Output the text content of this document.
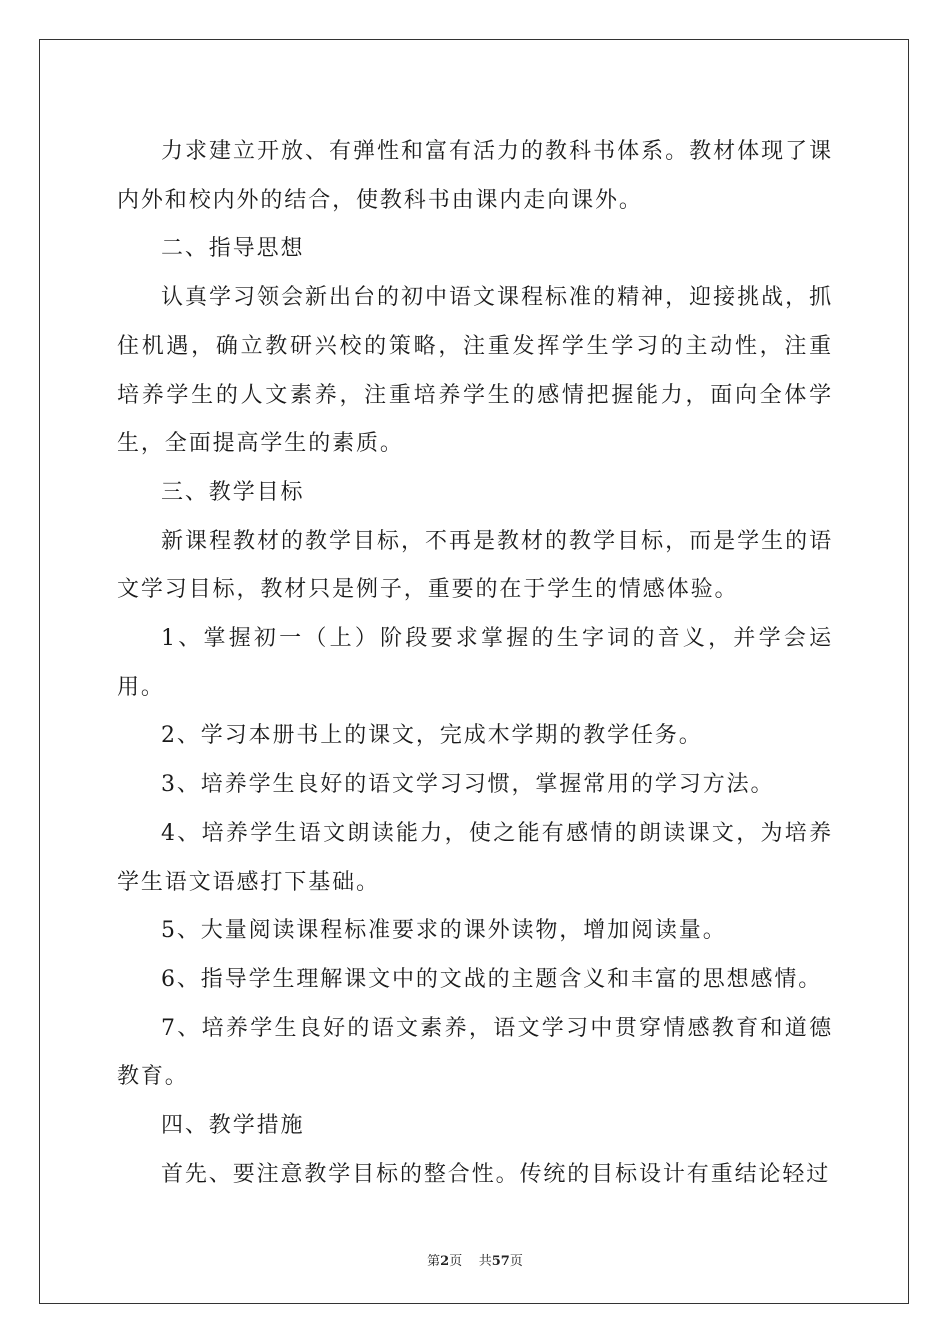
力求建立开放、有弹性和富有活力的教科书体系。教材体现了课内外和校内外的结合，使教科书由课内走向课外。

二、指导思想

认真学习领会新出台的初中语文课程标准的精神，迎接挑战，抓住机遇，确立教研兴校的策略，注重发挥学生学习的主动性，注重培养学生的人文素养，注重培养学生的感情把握能力，面向全体学生，全面提高学生的素质。

三、教学目标

新课程教材的教学目标，不再是教材的教学目标，而是学生的语文学习目标，教材只是例子，重要的在于学生的情感体验。

1、掌握初一（上）阶段要求掌握的生字词的音义，并学会运用。

2、学习本册书上的课文，完成木学期的教学任务。

3、培养学生良好的语文学习习惯，掌握常用的学习方法。

4、培养学生语文朗读能力，使之能有感情的朗读课文，为培养学生语文语感打下基础。

5、大量阅读课程标准要求的课外读物，增加阅读量。

6、指导学生理解课文中的文战的主题含义和丰富的思想感情。

7、培养学生良好的语文素养，语文学习中贯穿情感教育和道德教育。

四、教学措施

首先、要注意教学目标的整合性。传统的目标设计有重结论轻过

第2页 共57页
